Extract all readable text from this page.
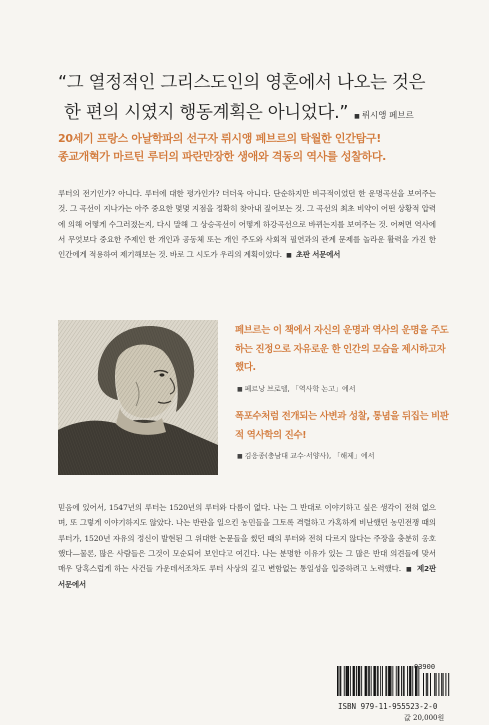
“그 열정적인 그리스도인의 영혼에서 나오는 것은
한 편의 시였지 행동계획은 아니었다.” ■ 뤼시앵 페브르
20세기 프랑스 아날학파의 선구자 뤼시앵 페브르의 탁월한 인간탐구!
종교개혁가 마르틴 루터의 파란만장한 생애와 격동의 역사를 성찰하다.
루터의 전기인가? 아니다. 루터에 대한 평가인가? 더더욱 아니다. 단순하지만 비극적이었던 한 운명곡선을 보여주는 것. 그 곡선이 지나가는 아주 중요한 몇몇 지점을 정확히 찾아내 짚어보는 것. 그 곡선의 최초 비약이 어떤 상황적 압력에 의해 어떻게 수그러졌는지, 다시 말해 그 상승곡선이 어떻게 하강곡선으로 바뀌는지를 보여주는 것. 어쩌면 역사에서 무엇보다 중요한 주제인 한 개인과 공동체 또는 개인 주도와 사회적 필연과의 관계 문제를 놀라운 활력을 가진 한 인간에게 적용하여 제기해보는 것. 바로 그 시도가 우리의 계획이었다. ■ 초판 서문에서
페브르는 이 책에서 자신의 운명과 역사의 운명을 주도하는 진정으로 자유로운 한 인간의 모습을 제시하고자 했다.
■ 페르낭 브로델, 「역사학 논고」에서
폭포수처럼 전개되는 사변과 성찰, 통념을 뒤집는 비판적 역사학의 진수!
■ 김응종(충남대 교수·서양사), 「해제」에서
믿음에 있어서, 1547년의 루터는 1520년의 루터와 다름이 없다. 나는 그 반대로 이야기하고 싶은 생각이 전혀 없으며, 또 그렇게 이야기하지도 않았다. 나는 반란을 일으킨 농민들을 그토록 격렬하고 가혹하게 비난했던 농민전쟁 때의 루터가, 1520년 자유의 정신이 발현된 그 위대한 논문들을 썼던 때의 루터와 전혀 다르지 않다는 주장을 충분히 옹호했다—물론, 많은 사람들은 그것이 모순되어 보인다고 여긴다. 나는 분명한 이유가 있는 그 많은 반대 의견들에 맞서 매우 당혹스럽게 하는 사건들 가운데서조차도 루터 사상의 깊고 변함없는 통일성을 입증하려고 노력했다. ■ 제2판 서문에서
03900
ISBN 979-11-955523-2-0
값 20,000원
